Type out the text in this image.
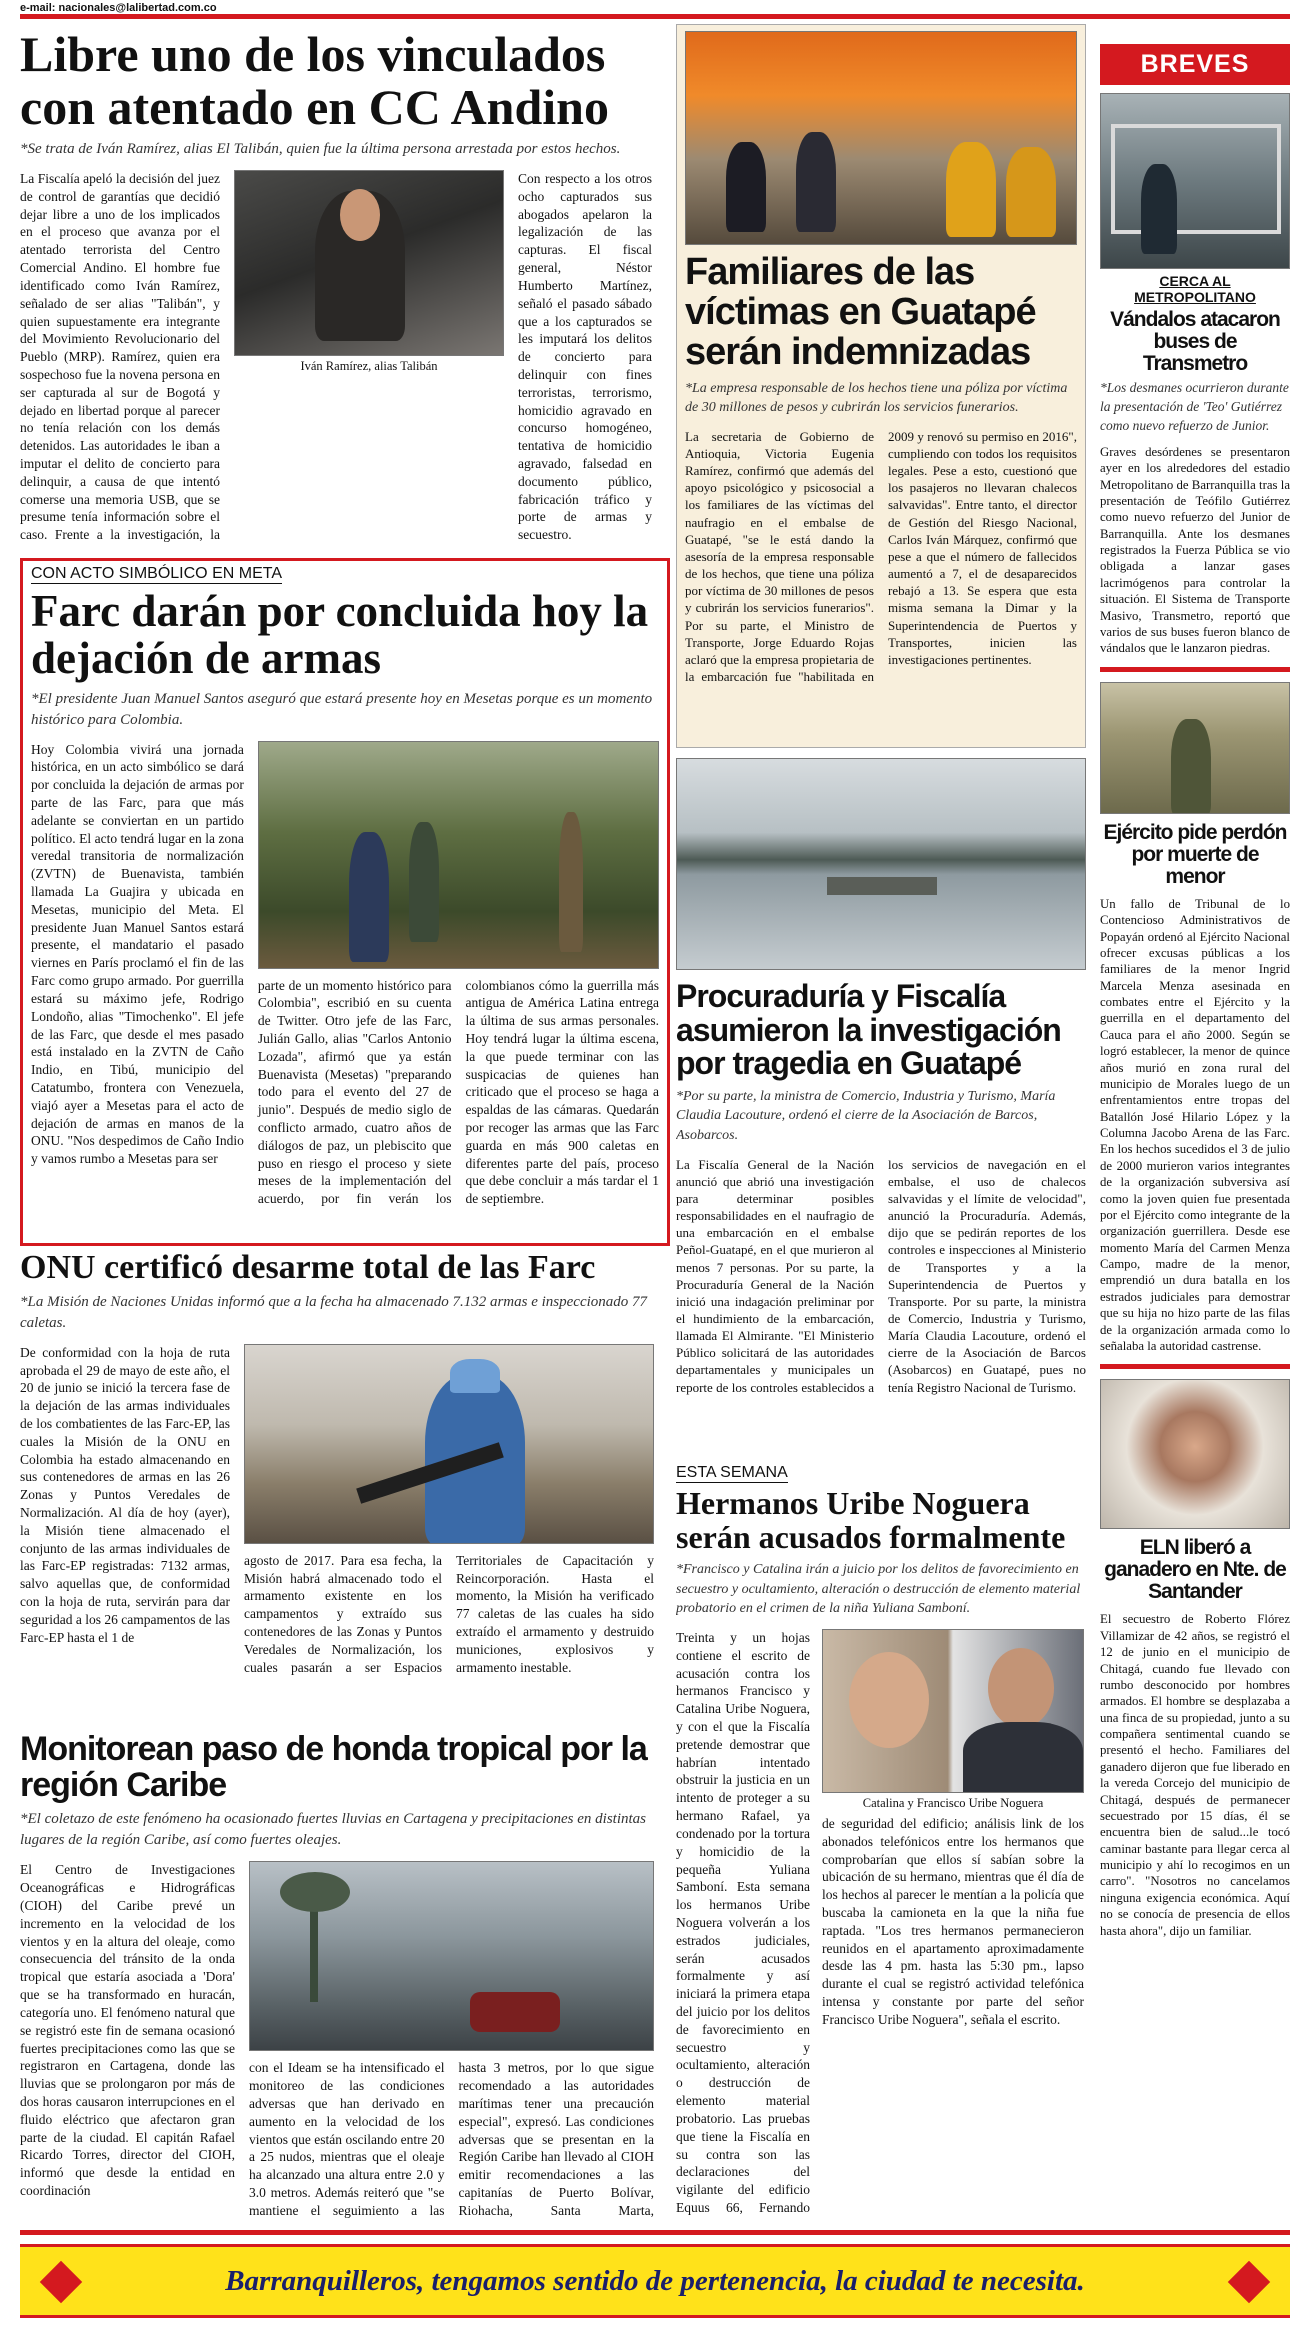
e-mail: nacionales@lalibertad.com.co
Libre uno de los vinculados con atentado en CC Andino

*Se trata de Iván Ramírez, alias El Talibán, quien fue la última persona arrestada por estos hechos.

La Fiscalía apeló la decisión del juez de control de garantías que decidió dejar libre a uno de los implicados en el proceso que avanza por el atentado terrorista del Centro Comercial Andino. El hombre fue identificado como Iván Ramírez, señalado de ser alias "Talibán", y quien supuestamente era integrante del Movimiento Revolucionario del Pueblo (MRP). Ramírez, quien era sospechoso fue la novena persona en ser capturada al sur de Bogotá y dejado en libertad porque al parecer no tenía relación con los demás detenidos. Las autoridades le iban a imputar el delito de concierto para delinquir, a causa de que intentó comerse una memoria USB, que se presume tenía información sobre el caso. Frente a la investigación, la
Iván Ramírez, alias Talibán
Con respecto a los otros ocho capturados sus abogados apelaron la legalización de las capturas. El fiscal general, Néstor Humberto Martínez, señaló el pasado sábado que a los capturados se les imputará los delitos de concierto para delinquir con fines terroristas, terrorismo, homicidio agravado en concurso homogéneo, tentativa de homicidio agravado, falsedad en documento público, fabricación tráfico y porte de armas y secuestro.
CON ACTO SIMBÓLICO EN META
Farc darán por concluida hoy la dejación de armas

*El presidente Juan Manuel Santos aseguró que estará presente hoy en Mesetas porque es un momento histórico para Colombia.

Hoy Colombia vivirá una jornada histórica, en un acto simbólico se dará por concluida la dejación de armas por parte de las Farc, para que más adelante se conviertan en un partido político. El acto tendrá lugar en la zona veredal transitoria de normalización (ZVTN) de Buenavista, también llamada La Guajira y ubicada en Mesetas, municipio del Meta. El presidente Juan Manuel Santos estará presente, el mandatario el pasado viernes en París proclamó el fin de las Farc como grupo armado. Por guerrilla estará su máximo jefe, Rodrigo Londoño, alias "Timochenko". El jefe de las Farc, que desde el mes pasado está instalado en la ZVTN de Caño Indio, en Tibú, municipio del Catatumbo, frontera con Venezuela, viajó ayer a Mesetas para el acto de dejación de armas en manos de la ONU. "Nos despedimos de Caño Indio y vamos rumbo a Mesetas para ser
parte de un momento histórico para Colombia", escribió en su cuenta de Twitter. Otro jefe de las Farc, Julián Gallo, alias "Carlos Antonio Lozada", afirmó que ya están Buenavista (Mesetas) "preparando todo para el evento del 27 de junio". Después de medio siglo de conflicto armado, cuatro años de diálogos de paz, un plebiscito que puso en riesgo el proceso y siete meses de la implementación del acuerdo, por fin verán los colombianos cómo la guerrilla más antigua de América Latina entrega la última de sus armas personales. Hoy tendrá lugar la última escena, la que puede terminar con las suspicacias de quienes han criticado que el proceso se haga a espaldas de las cámaras. Quedarán por recoger las armas que las Farc guarda en más 900 caletas en diferentes parte del país, proceso que debe concluir a más tardar el 1 de septiembre.
ONU certificó desarme total de las Farc

*La Misión de Naciones Unidas informó que a la fecha ha almacenado 7.132 armas e inspeccionado 77 caletas.

De conformidad con la hoja de ruta aprobada el 29 de mayo de este año, el 20 de junio se inició la tercera fase de la dejación de las armas individuales de los combatientes de las Farc-EP, las cuales la Misión de la ONU en Colombia ha estado almacenando en sus contenedores de armas en las 26 Zonas y Puntos Veredales de Normalización. Al día de hoy (ayer), la Misión tiene almacenado el conjunto de las armas individuales de las Farc-EP registradas: 7132 armas, salvo aquellas que, de conformidad con la hoja de ruta, servirán para dar seguridad a los 26 campamentos de las Farc-EP hasta el 1 de
agosto de 2017. Para esa fecha, la Misión habrá almacenado todo el armamento existente en los campamentos y extraído sus contenedores de las Zonas y Puntos Veredales de Normalización, los cuales pasarán a ser Espacios Territoriales de Capacitación y Reincorporación. Hasta el momento, la Misión ha verificado 77 caletas de las cuales ha sido extraído el armamento y destruido municiones, explosivos y armamento inestable.
Monitorean paso de honda tropical por la región Caribe

*El coletazo de este fenómeno ha ocasionado fuertes lluvias en Cartagena y precipitaciones en distintas lugares de la región Caribe, así como fuertes oleajes.

El Centro de Investigaciones Oceanográficas e Hidrográficas (CIOH) del Caribe prevé un incremento en la velocidad de los vientos y en la altura del oleaje, como consecuencia del tránsito de la onda tropical que estaría asociada a 'Dora' que se ha transformado en huracán, categoría uno. El fenómeno natural que se registró este fin de semana ocasionó fuertes precipitaciones como las que se registraron en Cartagena, donde las lluvias que se prolongaron por más de dos horas causaron interrupciones en el fluido eléctrico que afectaron gran parte de la ciudad. El capitán Rafael Ricardo Torres, director del CIOH, informó que desde la entidad en coordinación
con el Ideam se ha intensificado el monitoreo de las condiciones adversas que han derivado en aumento en la velocidad de los vientos que están oscilando entre 20 a 25 nudos, mientras que el oleaje ha alcanzado una altura entre 2.0 y 3.0 metros. Además reiteró que "se mantiene el seguimiento a las hasta 3 metros, por lo que sigue recomendado a las autoridades marítimas tener una precaución especial", expresó. Las condiciones adversas que se presentan en la Región Caribe han llevado al CIOH emitir recomendaciones a las capitanías de Puerto Bolívar, Riohacha, Santa Marta,
Familiares de las víctimas en Guatapé serán indemnizadas

*La empresa responsable de los hechos tiene una póliza por víctima de 30 millones de pesos y cubrirán los servicios funerarios.

La secretaria de Gobierno de Antioquia, Victoria Eugenia Ramírez, confirmó que además del apoyo psicológico y psicosocial a los familiares de las víctimas del naufragio en el embalse de Guatapé, "se le está dando la asesoría de la empresa responsable de los hechos, que tiene una póliza por víctima de 30 millones de pesos y cubrirán los servicios funerarios". Por su parte, el Ministro de Transporte, Jorge Eduardo Rojas aclaró que la empresa propietaria de la embarcación fue "habilitada en 2009 y renovó su permiso en 2016", cumpliendo con todos los requisitos legales. Pese a esto, cuestionó que los pasajeros no llevaran chalecos salvavidas". Entre tanto, el director de Gestión del Riesgo Nacional, Carlos Iván Márquez, confirmó que pese a que el número de fallecidos aumentó a 7, el de desaparecidos rebajó a 13. Se espera que esta misma semana la Dimar y la Superintendencia de Puertos y Transportes, inicien las investigaciones pertinentes.
Procuraduría y Fiscalía asumieron la investigación por tragedia en Guatapé

*Por su parte, la ministra de Comercio, Industria y Turismo, María Claudia Lacouture, ordenó el cierre de la Asociación de Barcos, Asobarcos.

La Fiscalía General de la Nación anunció que abrió una investigación para determinar posibles responsabilidades en el naufragio de una embarcación en el embalse Peñol-Guatapé, en el que murieron al menos 7 personas. Por su parte, la Procuraduría General de la Nación inició una indagación preliminar por el hundimiento de la embarcación, llamada El Almirante. "El Ministerio Público solicitará de las autoridades departamentales y municipales un reporte de los controles establecidos a los servicios de navegación en el embalse, el uso de chalecos salvavidas y el límite de velocidad", anunció la Procuraduría. Además, dijo que se pedirán reportes de los controles e inspecciones al Ministerio de Transportes y a la Superintendencia de Puertos y Transporte. Por su parte, la ministra de Comercio, Industria y Turismo, María Claudia Lacouture, ordenó el cierre de la Asociación de Barcos (Asobarcos) en Guatapé, pues no tenía Registro Nacional de Turismo.
ESTA SEMANA
Hermanos Uribe Noguera serán acusados formalmente

*Francisco y Catalina irán a juicio por los delitos de favorecimiento en secuestro y ocultamiento, alteración o destrucción de elemento material probatorio en el crimen de la niña Yuliana Samboní.

Treinta y un hojas contiene el escrito de acusación contra los hermanos Francisco y Catalina Uribe Noguera, y con el que la Fiscalía pretende demostrar que habrían intentado obstruir la justicia en un intento de proteger a su hermano Rafael, ya condenado por la tortura y homicidio de la pequeña Yuliana Samboní. Esta semana los hermanos Uribe Noguera volverán a los estrados judiciales, serán acusados formalmente y así iniciará la primera etapa del juicio por los delitos de favorecimiento en secuestro y ocultamiento, alteración o destrucción de elemento material probatorio. Las pruebas que tiene la Fiscalía en su contra son las declaraciones del vigilante del edificio Equus 66, Fernando
Catalina y Francisco Uribe Noguera
de seguridad del edificio; análisis link de los abonados telefónicos entre los hermanos que comprobarían que ellos sí sabían sobre la ubicación de su hermano, mientras que él día de los hechos al parecer le mentían a la policía que buscaba la camioneta en la que la niña fue raptada. "Los tres hermanos permanecieron reunidos en el apartamento aproximadamente desde las 4 pm. hasta las 5:30 pm., lapso durante el cual se registró actividad telefónica intensa y constante por parte del señor Francisco Uribe Noguera", señala el escrito.
BREVES
CERCA AL METROPOLITANO
Vándalos atacaron buses de Transmetro

*Los desmanes ocurrieron durante la presentación de 'Teo' Gutiérrez como nuevo refuerzo de Junior.

Graves desórdenes se presentaron ayer en los alrededores del estadio Metropolitano de Barranquilla tras la presentación de Teófilo Gutiérrez como nuevo refuerzo del Junior de Barranquilla. Ante los desmanes registrados la Fuerza Pública se vio obligada a lanzar gases lacrimógenos para controlar la situación. El Sistema de Transporte Masivo, Transmetro, reportó que varios de sus buses fueron blanco de vándalos que le lanzaron piedras.
Ejército pide perdón por muerte de menor
Un fallo de Tribunal de lo Contencioso Administrativos de Popayán ordenó al Ejército Nacional ofrecer excusas públicas a los familiares de la menor Ingrid Marcela Menza asesinada en combates entre el Ejército y la guerrilla en el departamento del Cauca para el año 2000. Según se logró establecer, la menor de quince años murió en zona rural del municipio de Morales luego de un enfrentamientos entre tropas del Batallón José Hilario López y la Columna Jacobo Arena de las Farc. En los hechos sucedidos el 3 de julio de 2000 murieron varios integrantes de la organización subversiva así como la joven quien fue presentada por el Ejército como integrante de la organización guerrillera. Desde ese momento María del Carmen Menza Campo, madre de la menor, emprendió un dura batalla en los estrados judiciales para demostrar que su hija no hizo parte de las filas de la organización armada como lo señalaba la autoridad castrense.
ELN liberó a ganadero en Nte. de Santander
El secuestro de Roberto Flórez Villamizar de 42 años, se registró el 12 de junio en el municipio de Chitagá, cuando fue llevado con rumbo desconocido por hombres armados. El hombre se desplazaba a una finca de su propiedad, junto a su compañera sentimental cuando se presentó el hecho. Familiares del ganadero dijeron que fue liberado en la vereda Corcejo del municipio de Chitagá, después de permanecer secuestrado por 15 días, él se encuentra bien de salud...le tocó caminar bastante para llegar cerca al municipio y ahí lo recogimos en un carro". "Nosotros no cancelamos ninguna exigencia económica. Aquí no se conocía de presencia de ellos hasta ahora", dijo un familiar.
Barranquilleros, tengamos sentido de pertenencia, la ciudad te necesita.
